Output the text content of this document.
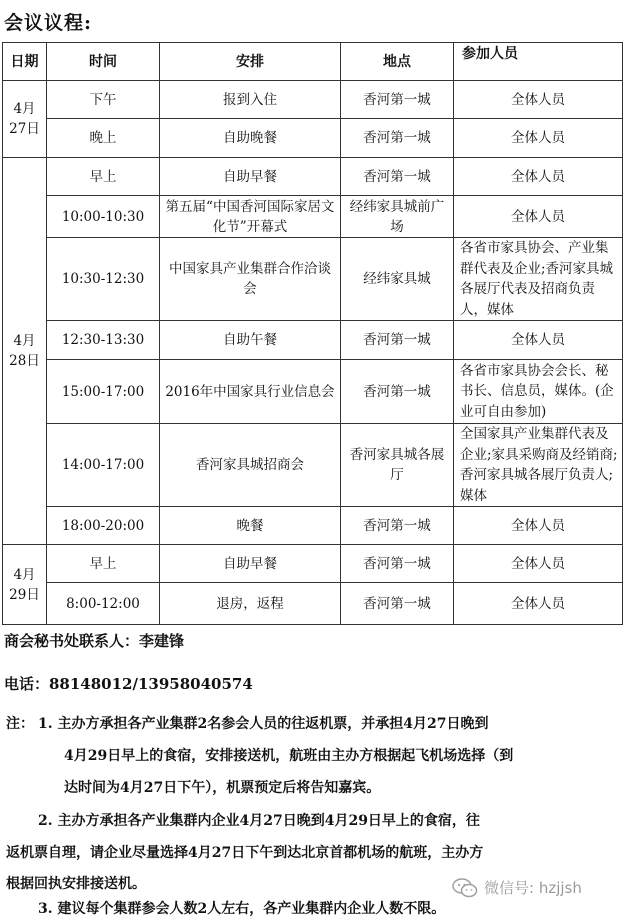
会议议程:
日期	时间	安排	地点	参加人员
4月27日	下午	报到入住	香河第一城	全体人员
	晚上	自助晚餐	香河第一城	全体人员
4月28日	早上	自助早餐	香河第一城	全体人员
	10:00-10:30	第五届“中国香河国际家居文化节”开幕式	经纬家具城前广场	全体人员
	10:30-12:30	中国家具产业集群合作洽谈会	经纬家具城	各省市家具协会、产业集群代表及企业;香河家具城各展厅代表及招商负责人，媒体
	12:30-13:30	自助午餐	香河第一城	全体人员
	15:00-17:00	2016年中国家具行业信息会	香河第一城	各省市家具协会会长、秘书长、信息员，媒体。(企业可自由参加)
	14:00-17:00	香河家具城招商会	香河家具城各展厅	全国家具产业集群代表及企业;家具采购商及经销商;香河家具城各展厅负责人;媒体
	18:00-20:00	晚餐	香河第一城	全体人员
4月29日	早上	自助早餐	香河第一城	全体人员
	8:00-12:00	退房，返程	香河第一城	全体人员
商会秘书处联系人：李建锋
电话：88148012/13958040574
注： 1. 主办方承担各产业集群2名参会人员的往返机票，并承担4月27日晚到
4月29日早上的食宿，安排接送机，航班由主办方根据起飞机场选择（到
达时间为4月27日下午），机票预定后将告知嘉宾。
2. 主办方承担各产业集群内企业4月27日晚到4月29日早上的食宿，往
返机票自理，请企业尽量选择4月27日下午到达北京首都机场的航班，主办方
根据回执安排接送机。
3. 建议每个集群参会人数2人左右，各产业集群内企业人数不限。
微信号: hzjjsh
